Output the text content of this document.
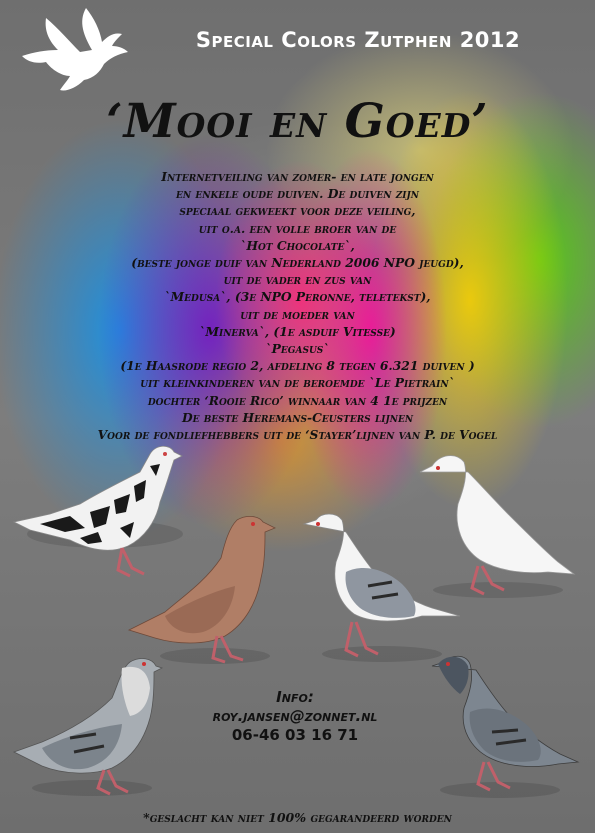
Special Colors Zutphen 2012
‘Mooi en Goed’
Internetveiling van zomer- en late jongen
en enkele oude duiven. De duiven zijn
speciaal gekweekt voor deze veiling,
uit o.a. een volle broer van de
`Hot Chocolate`,
(beste jonge duif van Nederland 2006 NPO jeugd),
uit de vader en zus van
`Medusa`, (3e NPO Peronne, teletekst),
uit de moeder van
`Minerva`, (1e asduif Vitesse)
`Pegasus`
(1e Haasrode regio 2, afdeling 8 tegen 6.321 duiven )
uit kleinkinderen van de beroemde `Le Pietrain`
dochter ‘Rooie Rico’ winnaar van 4 1e prijzen
De beste Heremans-Ceusters lijnen
Voor de fondliefhebbers uit de ‘Stayer’lijnen van P. de Vogel
Info:
roy.jansen@zonnet.nl
06-46 03 16 71
*geslacht kan niet 100% gegarandeerd worden
